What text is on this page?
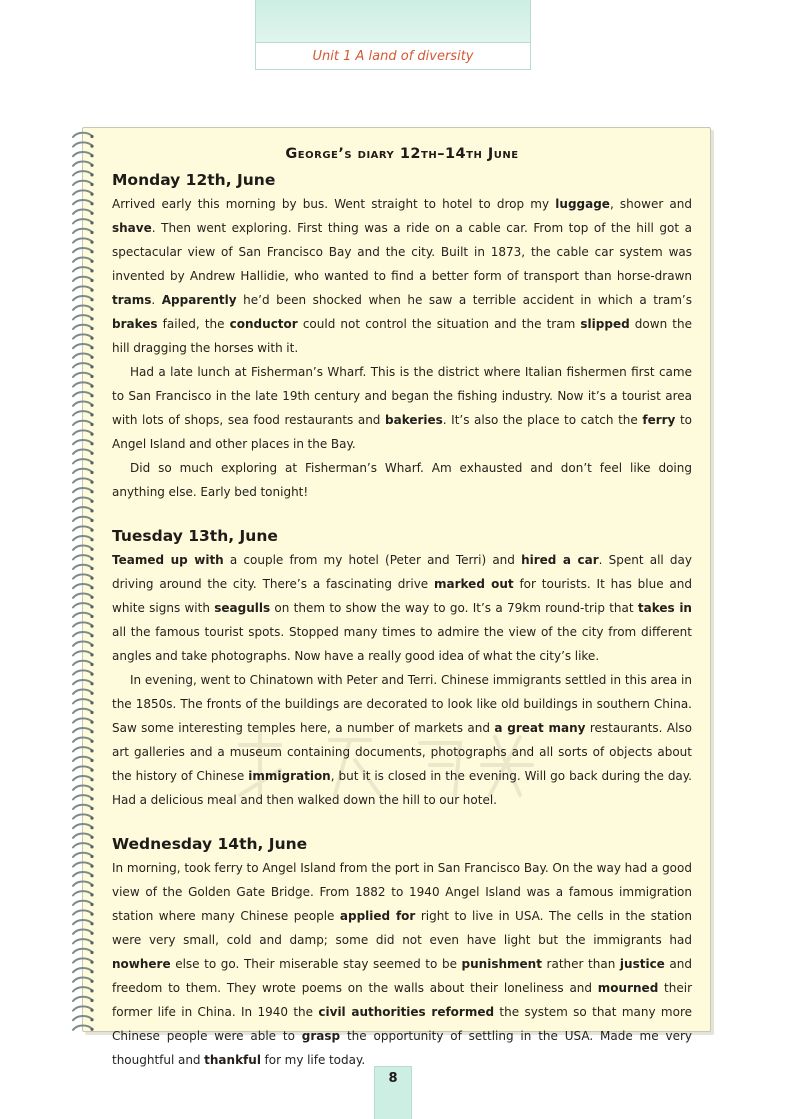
Unit 1 A land of diversity
George’s diary 12th–14th June
Monday 12th, June

Arrived early this morning by bus. Went straight to hotel to drop my luggage, shower and shave. Then went exploring. First thing was a ride on a cable car. From top of the hill got a spectacular view of San Francisco Bay and the city. Built in 1873, the cable car system was invented by Andrew Hallidie, who wanted to find a better form of transport than horse-drawn trams. Apparently he’d been shocked when he saw a terrible accident in which a tram’s brakes failed, the conductor could not control the situation and the tram slipped down the hill dragging the horses with it.

Had a late lunch at Fisherman’s Wharf. This is the district where Italian fishermen first came to San Francisco in the late 19th century and began the fishing industry. Now it’s a tourist area with lots of shops, sea food restaurants and bakeries. It’s also the place to catch the ferry to Angel Island and other places in the Bay.

Did so much exploring at Fisherman’s Wharf. Am exhausted and don’t feel like doing anything else. Early bed tonight!

Tuesday 13th, June

Teamed up with a couple from my hotel (Peter and Terri) and hired a car. Spent all day driving around the city. There’s a fascinating drive marked out for tourists. It has blue and white signs with seagulls on them to show the way to go. It’s a 79km round-trip that takes in all the famous tourist spots. Stopped many times to admire the view of the city from different angles and take photographs. Now have a really good idea of what the city’s like.

In evening, went to Chinatown with Peter and Terri. Chinese immigrants settled in this area in the 1850s. The fronts of the buildings are decorated to look like old buildings in southern China. Saw some interesting temples here, a number of markets and a great many restaurants. Also art galleries and a museum containing documents, photographs and all sorts of objects about the history of Chinese immigration, but it is closed in the evening. Will go back during the day. Had a delicious meal and then walked down the hill to our hotel.

Wednesday 14th, June

In morning, took ferry to Angel Island from the port in San Francisco Bay. On the way had a good view of the Golden Gate Bridge. From 1882 to 1940 Angel Island was a famous immigration station where many Chinese people applied for right to live in USA. The cells in the station were very small, cold and damp; some did not even have light but the immigrants had nowhere else to go. Their miserable stay seemed to be punishment rather than justice and freedom to them. They wrote poems on the walls about their loneliness and mourned their former life in China. In 1940 the civil authorities reformed the system so that many more Chinese people were able to grasp the opportunity of settling in the USA. Made me very thoughtful and thankful for my life today.

8
